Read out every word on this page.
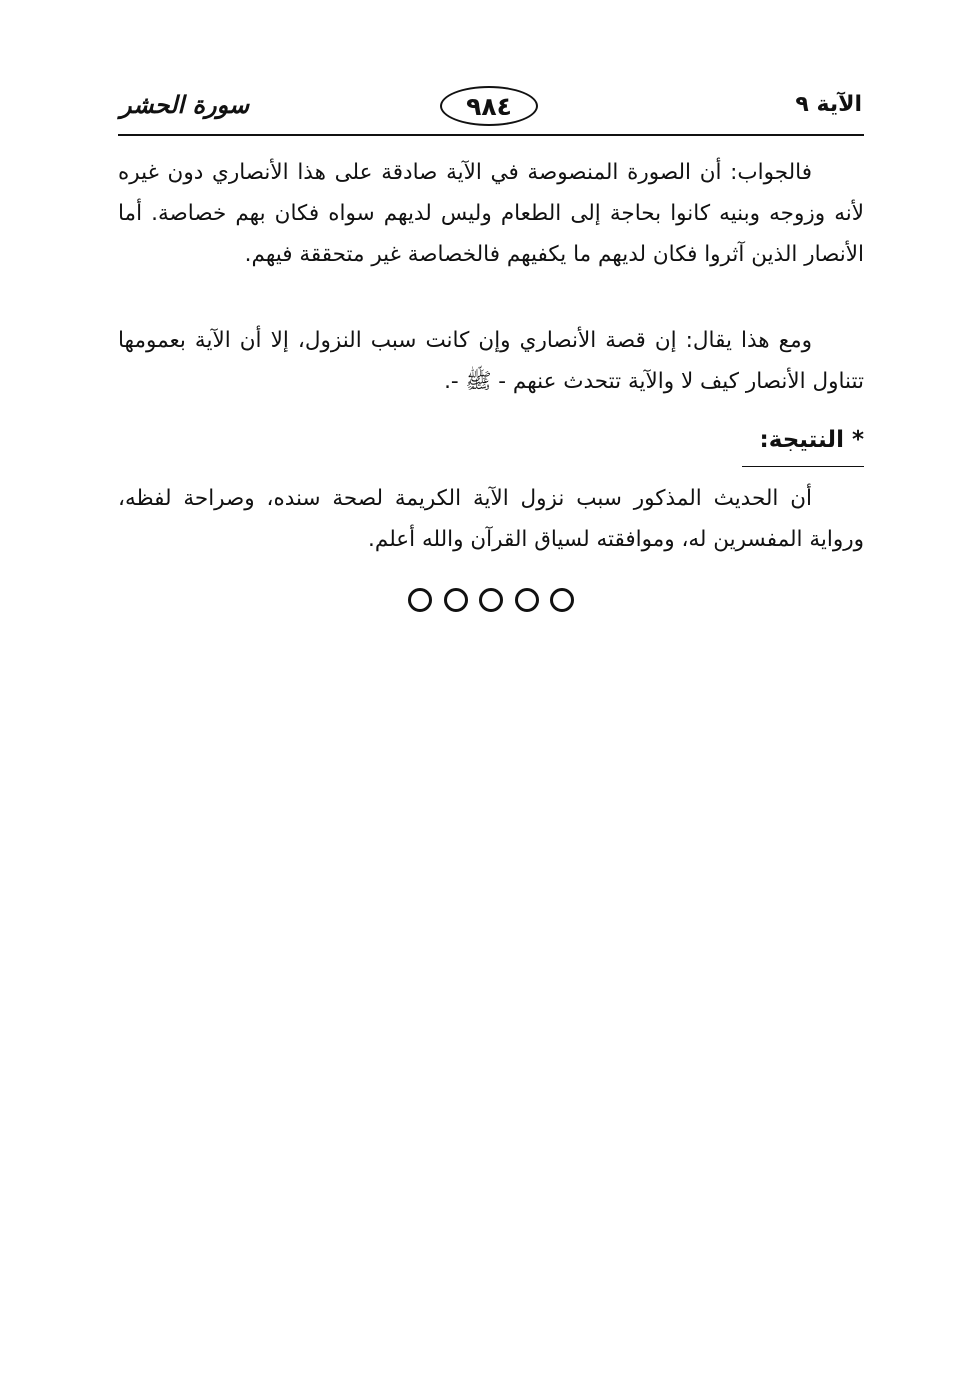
الآية ٩
٩٨٤
سورة الحشر

فالجواب: أن الصورة المنصوصة في الآية صادقة على هذا الأنصاري دون غيره لأنه وزوجه وبنيه كانوا بحاجة إلى الطعام وليس لديهم سواه فكان بهم خصاصة. أما الأنصار الذين آثروا فكان لديهم ما يكفيهم فالخصاصة غير متحققة فيهم.

ومع هذا يقال: إن قصة الأنصاري وإن كانت سبب النزول، إلا أن الآية بعمومها تتناول الأنصار كيف لا والآية تتحدث عنهم - ﷺ -.

* النتيجة:

أن الحديث المذكور سبب نزول الآية الكريمة لصحة سنده، وصراحة لفظه، ورواية المفسرين له، وموافقته لسياق القرآن والله أعلم.
